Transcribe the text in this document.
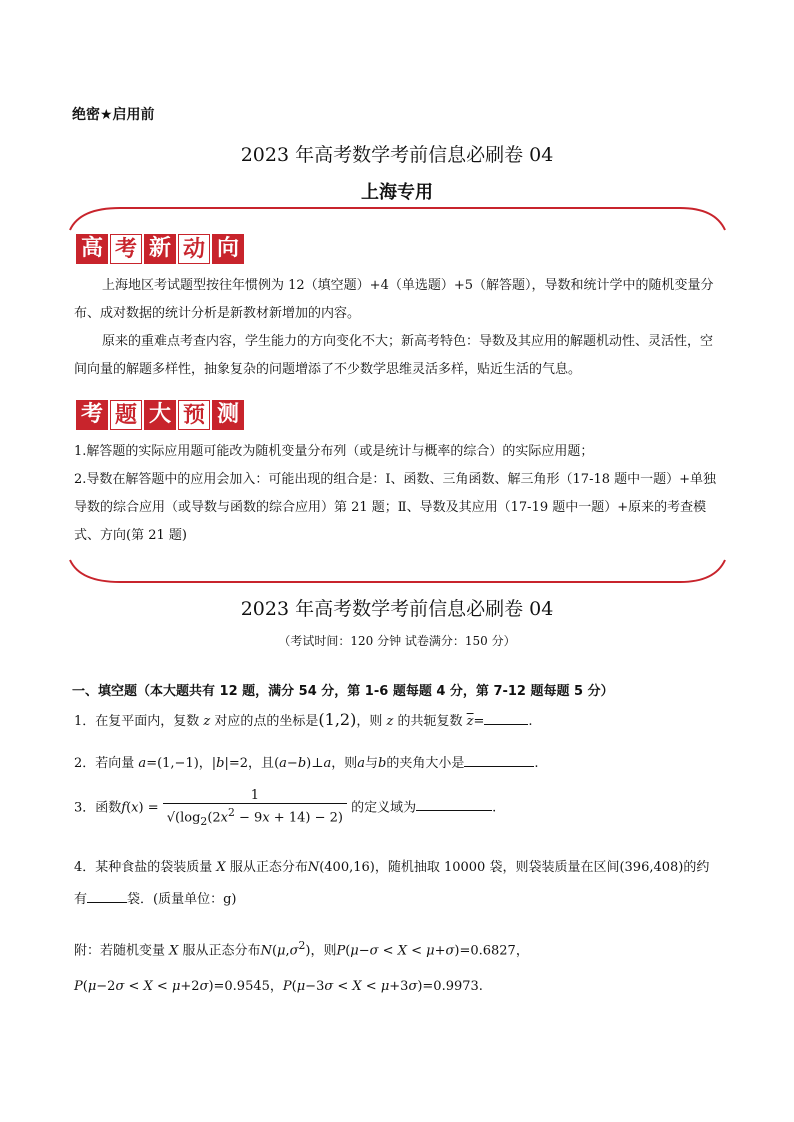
绝密★启用前
2023 年高考数学考前信息必刷卷 04
上海专用
高 考 新 动 向

上海地区考试题型按往年惯例为 12（填空题）+4（单选题）+5（解答题），导数和统计学中的随机变量分布、成对数据的统计分析是新教材新增加的内容。

原来的重难点考查内容，学生能力的方向变化不大；新高考特色：导数及其应用的解题机动性、灵活性，空间向量的解题多样性，抽象复杂的问题增添了不少数学思维灵活多样，贴近生活的气息。

考 题 大 预 测

1.解答题的实际应用题可能改为随机变量分布列（或是统计与概率的综合）的实际应用题；

2.导数在解答题中的应用会加入：可能出现的组合是：Ⅰ、函数、三角函数、解三角形（17-18 题中一题）+单独导数的综合应用（或导数与函数的综合应用）第 21 题；Ⅱ、导数及其应用（17-19 题中一题）+原来的考查模式、方向(第 21 题)

2023 年高考数学考前信息必刷卷 04
（考试时间：120 分钟 试卷满分：150 分）
一、填空题（本大题共有 12 题，满分 54 分，第 1-6 题每题 4 分，第 7-12 题每题 5 分）
1．在复平面内，复数 z 对应的点的坐标是(1,2)，则 z 的共轭复数 $\overline{z}=$	.
2．若向量 a=(1,−1)，|b|=2，且(a−b)⊥a，则a与b的夹角大小是	.
3．函数$f(x) = \frac{1}{√(\log_2(2x^2 - 9x + 14) - 2)}$ 的定义域为	.
4．某种食盐的袋装质量 X 服从正态分布N(400,16)，随机抽取 10000 袋，则袋装质量在区间(396,408)的约
有	袋．(质量单位：g)
附：若随机变量 X 服从正态分布$N(\mu,\sigma^2)$，则P(μ−σ < X < μ+σ)=0.6827，
P(μ−2σ < X < μ+2σ)=0.9545，P(μ−3σ < X < μ+3σ)=0.9973.
